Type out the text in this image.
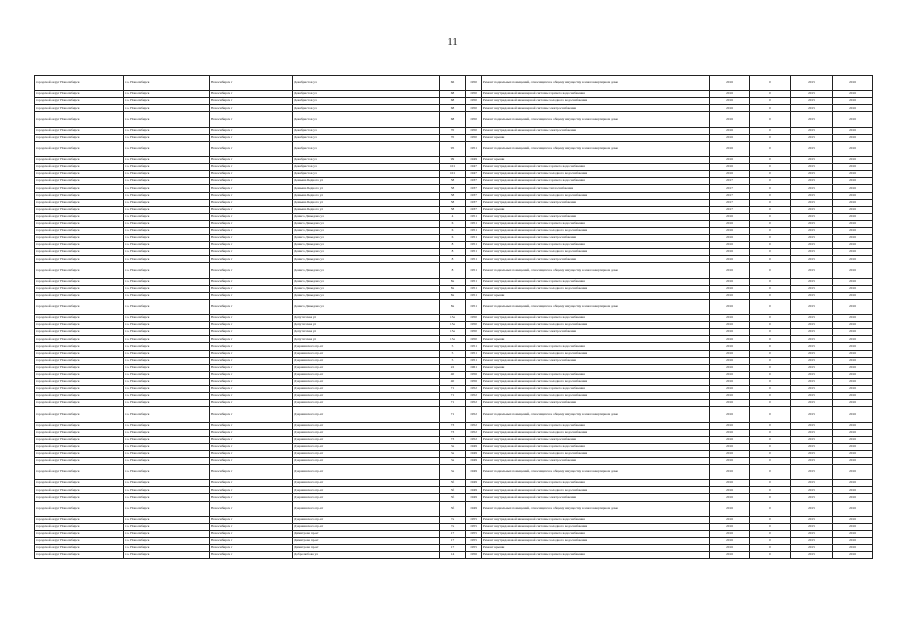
11
городской округ Новосибирск	г.о. Новосибирск	Новосибирск г	Декабристов ул	66	1950	Ремонт подвальных помещений, относящихся к общему имуществу в многоквартирном доме	2016	0	2015	2016
городской округ Новосибирск	г.о. Новосибирск	Новосибирск г	Декабристов ул	68	1950	Ремонт внутридомовой инженерной системы горячего водоснабжения	2016	0	2015	2016
городской округ Новосибирск	г.о. Новосибирск	Новосибирск г	Декабристов ул	68	1950	Ремонт внутридомовой инженерной системы холодного водоснабжения	2016	0	2015	2016
городской округ Новосибирск	г.о. Новосибирск	Новосибирск г	Декабристов ул	68	1950	Ремонт внутридомовой инженерной системы электроснабжения	2016	0	2015	2016
городской округ Новосибирск	г.о. Новосибирск	Новосибирск г	Декабристов ул	68	1950	Ремонт подвальных помещений, относящихся к общему имуществу в многоквартирном доме	2016	0	2015	2016
городской округ Новосибирск	г.о. Новосибирск	Новосибирск г	Декабристов ул	70	1950	Ремонт внутридомовой инженерной системы электроснабжения	2016	0	2015	2016
городской округ Новосибирск	г.о. Новосибирск	Новосибирск г	Декабристов ул	70	1950	Ремонт крыши	2016	0	2015	2016
городской округ Новосибирск	г.о. Новосибирск	Новосибирск г	Декабристов ул	95	1951	Ремонт подвальных помещений, относящихся к общему имуществу в многоквартирном доме	2016	0	2015	2016
городской округ Новосибирск	г.о. Новосибирск	Новосибирск г	Декабристов ул	99	1949	Ремонт крыши	2016	0	2015	2016
городской округ Новосибирск	г.о. Новосибирск	Новосибирск г	Декабристов ул	101	1947	Ремонт внутридомовой инженерной системы горячего водоснабжения	2016	0	2015	2016
городской округ Новосибирск	г.о. Новосибирск	Новосибирск г	Декабристов ул	101	1947	Ремонт внутридомовой инженерной системы холодного водоснабжения	2016	0	2015	2016
городской округ Новосибирск	г.о. Новосибирск	Новосибирск г	Демьяна Бедного ул	58	1937	Ремонт внутридомовой инженерной системы горячего водоснабжения	2017	0	2015	2016
городской округ Новосибирск	г.о. Новосибирск	Новосибирск г	Демьяна Бедного ул	58	1937	Ремонт внутридомовой инженерной системы теплоснабжения	2017	0	2015	2016
городской округ Новосибирск	г.о. Новосибирск	Новосибирск г	Демьяна Бедного ул	58	1937	Ремонт внутридомовой инженерной системы холодного водоснабжения	2017	0	2015	2016
городской округ Новосибирск	г.о. Новосибирск	Новосибирск г	Демьяна Бедного ул	58	1937	Ремонт внутридомовой инженерной системы электроснабжения	2017	0	2015	2016
городской округ Новосибирск	г.о. Новосибирск	Новосибирск г	Демьяна Бедного ул	58	1937	Ремонт крыши	2017	0	2015	2016
городской округ Новосибирск	г.о. Новосибирск	Новосибирск г	Дениса Давыдова ул	4	1951	Ремонт внутридомовой инженерной системы электроснабжения	2016	0	2015	2016
городской округ Новосибирск	г.о. Новосибирск	Новосибирск г	Дениса Давыдова ул	6	1951	Ремонт внутридомовой инженерной системы горячего водоснабжения	2016	0	2015	2016
городской округ Новосибирск	г.о. Новосибирск	Новосибирск г	Дениса Давыдова ул	6	1951	Ремонт внутридомовой инженерной системы холодного водоснабжения	2016	0	2015	2016
городской округ Новосибирск	г.о. Новосибирск	Новосибирск г	Дениса Давыдова ул	6	1951	Ремонт внутридомовой инженерной системы электроснабжения	2016	0	2015	2016
городской округ Новосибирск	г.о. Новосибирск	Новосибирск г	Дениса Давыдова ул	8	1951	Ремонт внутридомовой инженерной системы горячего водоснабжения	2016	0	2015	2016
городской округ Новосибирск	г.о. Новосибирск	Новосибирск г	Дениса Давыдова ул	8	1951	Ремонт внутридомовой инженерной системы холодного водоснабжения	2016	0	2015	2016
городской округ Новосибирск	г.о. Новосибирск	Новосибирск г	Дениса Давыдова ул	8	1951	Ремонт внутридомовой инженерной системы электроснабжения	2016	0	2015	2016
городской округ Новосибирск	г.о. Новосибирск	Новосибирск г	Дениса Давыдова ул	8	1951	Ремонт подвальных помещений, относящихся к общему имуществу в многоквартирном доме	2016	0	2015	2016
городской округ Новосибирск	г.о. Новосибирск	Новосибирск г	Дениса Давыдова ул	8а	1951	Ремонт внутридомовой инженерной системы горячего водоснабжения	2016	0	2015	2016
городской округ Новосибирск	г.о. Новосибирск	Новосибирск г	Дениса Давыдова ул	8а	1951	Ремонт внутридомовой инженерной системы холодного водоснабжения	2016	0	2015	2016
городской округ Новосибирск	г.о. Новосибирск	Новосибирск г	Дениса Давыдова ул	8а	1951	Ремонт крыши	2016	0	2015	2016
городской округ Новосибирск	г.о. Новосибирск	Новосибирск г	Дениса Давыдова ул	8а	1951	Ремонт подвальных помещений, относящихся к общему имуществу в многоквартирном доме	2016	0	2015	2016
городской округ Новосибирск	г.о. Новосибирск	Новосибирск г	Депутатская ул	15а	1950	Ремонт внутридомовой инженерной системы горячего водоснабжения	2016	0	2015	2016
городской округ Новосибирск	г.о. Новосибирск	Новосибирск г	Депутатская ул	15а	1950	Ремонт внутридомовой инженерной системы холодного водоснабжения	2016	0	2015	2016
городской округ Новосибирск	г.о. Новосибирск	Новосибирск г	Депутатская ул	15а	1950	Ремонт внутридомовой инженерной системы электроснабжения	2016	0	2015	2016
городской округ Новосибирск	г.о. Новосибирск	Новосибирск г	Депутатская ул	15а	1950	Ремонт крыши	2016	0	2015	2016
городской округ Новосибирск	г.о. Новосибирск	Новосибирск г	Дзержинского пр-кт	5	1951	Ремонт внутридомовой инженерной системы горячего водоснабжения	2016	0	2015	2016
городской округ Новосибирск	г.о. Новосибирск	Новосибирск г	Дзержинского пр-кт	5	1951	Ремонт внутридомовой инженерной системы холодного водоснабжения	2016	0	2015	2016
городской округ Новосибирск	г.о. Новосибирск	Новосибирск г	Дзержинского пр-кт	5	1951	Ремонт внутридомовой инженерной системы электроснабжения	2016	0	2015	2016
городской округ Новосибирск	г.о. Новосибирск	Новосибирск г	Дзержинского пр-кт	22	1961	Ремонт крыши	2016	0	2015	2016
городской округ Новосибирск	г.о. Новосибирск	Новосибирск г	Дзержинского пр-кт	40	1956	Ремонт внутридомовой инженерной системы горячего водоснабжения	2016	0	2015	2016
городской округ Новосибирск	г.о. Новосибирск	Новосибирск г	Дзержинского пр-кт	40	1956	Ремонт внутридомовой инженерной системы холодного водоснабжения	2016	0	2015	2016
городской округ Новосибирск	г.о. Новосибирск	Новосибирск г	Дзержинского пр-кт	71	1952	Ремонт внутридомовой инженерной системы горячего водоснабжения	2016	0	2015	2016
городской округ Новосибирск	г.о. Новосибирск	Новосибирск г	Дзержинского пр-кт	71	1952	Ремонт внутридомовой инженерной системы холодного водоснабжения	2016	0	2015	2016
городской округ Новосибирск	г.о. Новосибирск	Новосибирск г	Дзержинского пр-кт	71	1952	Ремонт внутридомовой инженерной системы электроснабжения	2016	0	2015	2016
городской округ Новосибирск	г.о. Новосибирск	Новосибирск г	Дзержинского пр-кт	71	1952	Ремонт подвальных помещений, относящихся к общему имуществу в многоквартирном доме	2016	0	2015	2016
городской округ Новосибирск	г.о. Новосибирск	Новосибирск г	Дзержинского пр-кт	73	1952	Ремонт внутридомовой инженерной системы горячего водоснабжения	2016	0	2015	2016
городской округ Новосибирск	г.о. Новосибирск	Новосибирск г	Дзержинского пр-кт	73	1952	Ремонт внутридомовой инженерной системы холодного водоснабжения	2016	0	2015	2016
городской округ Новосибирск	г.о. Новосибирск	Новосибирск г	Дзержинского пр-кт	73	1952	Ремонт внутридомовой инженерной системы электроснабжения	2016	0	2015	2016
городской округ Новосибирск	г.о. Новосибирск	Новосибирск г	Дзержинского пр-кт	3а	1949	Ремонт внутридомовой инженерной системы горячего водоснабжения	2016	0	2015	2016
городской округ Новосибирск	г.о. Новосибирск	Новосибирск г	Дзержинского пр-кт	3а	1949	Ремонт внутридомовой инженерной системы холодного водоснабжения	2016	0	2015	2016
городской округ Новосибирск	г.о. Новосибирск	Новосибирск г	Дзержинского пр-кт	3а	1949	Ремонт внутридомовой инженерной системы электроснабжения	2016	0	2015	2016
городской округ Новосибирск	г.о. Новосибирск	Новосибирск г	Дзержинского пр-кт	3а	1949	Ремонт подвальных помещений, относящихся к общему имуществу в многоквартирном доме	2016	0	2015	2016
городской округ Новосибирск	г.о. Новосибирск	Новосибирск г	Дзержинского пр-кт	3б	1949	Ремонт внутридомовой инженерной системы горячего водоснабжения	2016	0	2015	2016
городской округ Новосибирск	г.о. Новосибирск	Новосибирск г	Дзержинского пр-кт	3б	1949	Ремонт внутридомовой инженерной системы холодного водоснабжения	2016	0	2015	2016
городской округ Новосибирск	г.о. Новосибирск	Новосибирск г	Дзержинского пр-кт	3б	1949	Ремонт внутридомовой инженерной системы электроснабжения	2016	0	2015	2016
городской округ Новосибирск	г.о. Новосибирск	Новосибирск г	Дзержинского пр-кт	3б	1949	Ремонт подвальных помещений, относящихся к общему имуществу в многоквартирном доме	2016	0	2015	2016
городской округ Новосибирск	г.о. Новосибирск	Новосибирск г	Дзержинского пр-кт	7а	1955	Ремонт внутридомовой инженерной системы горячего водоснабжения	2016	0	2015	2016
городской округ Новосибирск	г.о. Новосибирск	Новосибирск г	Дзержинского пр-кт	7а	1955	Ремонт внутридомовой инженерной системы холодного водоснабжения	2016	0	2015	2016
городской округ Новосибирск	г.о. Новосибирск	Новосибирск г	Димитрова пр-кт	17	1955	Ремонт внутридомовой инженерной системы горячего водоснабжения	2016	0	2015	2016
городской округ Новосибирск	г.о. Новосибирск	Новосибирск г	Димитрова пр-кт	17	1955	Ремонт внутридомовой инженерной системы холодного водоснабжения	2016	0	2015	2016
городской округ Новосибирск	г.о. Новосибирск	Новосибирск г	Димитрова пр-кт	17	1955	Ремонт крыши	2016	0	2015	2016
городской округ Новосибирск	г.о. Новосибирск	Новосибирск г	Добролюбова ул	14	1956	Ремонт внутридомовой инженерной системы горячего водоснабжения	2016	0	2015	2016
